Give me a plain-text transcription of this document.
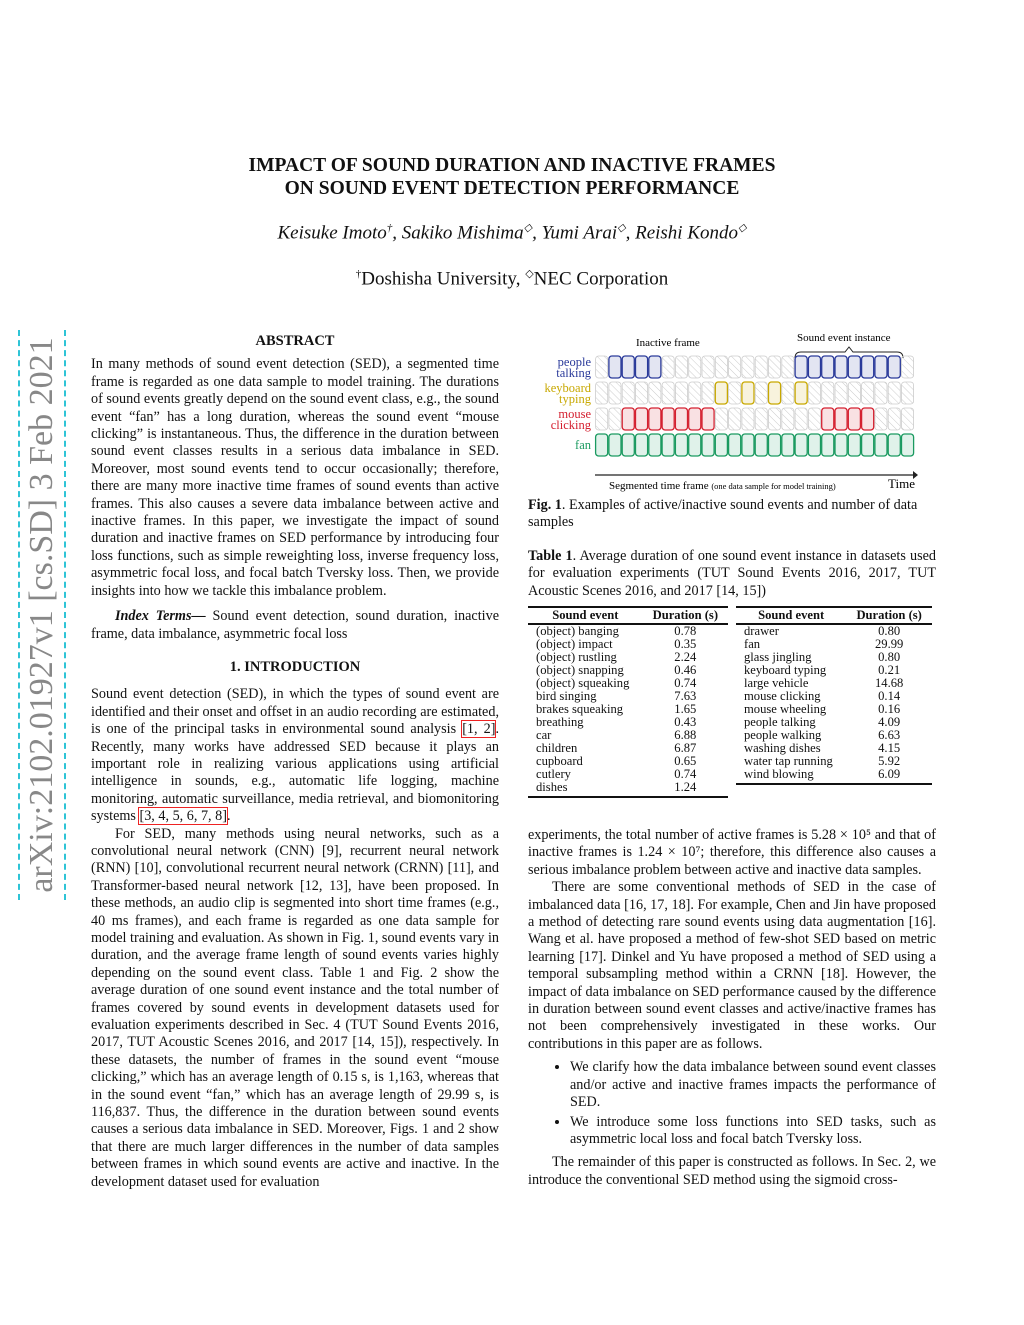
IMPACT OF SOUND DURATION AND INACTIVE FRAMES
ON SOUND EVENT DETECTION PERFORMANCE
Keisuke Imoto†, Sakiko Mishima◇, Yumi Arai◇, Reishi Kondo◇
†Doshisha University, ◇NEC Corporation
arXiv:2102.01927v1 [cs.SD] 3 Feb 2021	ABSTRACT

In many methods of sound event detection (SED), a segmented time frame is regarded as one data sample to model training. The durations of sound events greatly depend on the sound event class, e.g., the sound event “fan” has a long duration, whereas the sound event “mouse clicking” is instantaneous. Thus, the difference in the duration between sound event classes results in a serious data imbalance in SED. Moreover, most sound events tend to occur occasionally; therefore, there are many more inactive time frames of sound events than active frames. This also causes a severe data imbalance between active and inactive frames. In this paper, we investigate the impact of sound duration and inactive frames on SED performance by introducing four loss functions, such as simple reweighting loss, inverse frequency loss, asymmetric focal loss, and focal batch Tversky loss. Then, we provide insights into how we tackle this imbalance problem.

Index Terms— Sound event detection, sound duration, inactive frame, data imbalance, asymmetric focal loss

1. INTRODUCTION

Sound event detection (SED), in which the types of sound event are identified and their onset and offset in an audio recording are estimated, is one of the principal tasks in environmental sound analysis [1, 2]. Recently, many works have addressed SED because it plays an important role in realizing various applications using artificial intelligence in sounds, e.g., automatic life logging, machine monitoring, automatic surveillance, media retrieval, and biomonitoring systems [3, 4, 5, 6, 7, 8].

For SED, many methods using neural networks, such as a convolutional neural network (CNN) [9], recurrent neural network (RNN) [10], convolutional recurrent neural network (CRNN) [11], and Transformer-based neural network [12, 13], have been proposed. In these methods, an audio clip is segmented into short time frames (e.g., 40 ms frames), and each frame is regarded as one data sample for model training and evaluation. As shown in Fig. 1, sound events vary in duration, and the average frame length of sound events varies highly depending on the sound event class. Table 1 and Fig. 2 show the average duration of one sound event instance and the total number of frames covered by sound events in development datasets used for evaluation experiments described in Sec. 4 (TUT Sound Events 2016, 2017, TUT Acoustic Scenes 2016, and 2017 [14, 15]), respectively. In these datasets, the number of frames in the sound event “mouse clicking,” which has an average length of 0.15 s, is 1,163, whereas that in the sound event “fan,” which has an average length of 29.99 s, is 116,837. Thus, the difference in the duration between sound events causes a serious data imbalance in SED. Moreover, Figs. 1 and 2 show that there are much larger differences in the number of data samples between frames in which sound events are active and inactive. In the development dataset used for evaluation

Inactive frame	Sound event instance
people
talking
keyboard
typing
mouse
clicking
fan
Segmented time frame (one data sample for model training)	Time
Fig. 1. Examples of active/inactive sound events and number of data samples
Table 1. Average duration of one sound event instance in datasets used for evaluation experiments (TUT Sound Events 2016, 2017, TUT Acoustic Scenes 2016, and 2017 [14, 15])
Sound event	Duration (s)
(object) banging	0.78
(object) impact	0.35
(object) rustling	2.24
(object) snapping	0.46
(object) squeaking	0.74
bird singing	7.63
brakes squeaking	1.65
breathing	0.43
car	6.88
children	6.87
cupboard	0.65
cutlery	0.74
dishes	1.24
Sound event	Duration (s)
drawer	0.80
fan	29.99
glass jingling	0.80
keyboard typing	0.21
large vehicle	14.68
mouse clicking	0.14
mouse wheeling	0.16
people talking	4.09
people walking	6.63
washing dishes	4.15
water tap running	5.92
wind blowing	6.09

experiments, the total number of active frames is 5.28 × 10⁵ and that of inactive frames is 1.24 × 10⁷; therefore, this difference also causes a serious imbalance problem between active and inactive data samples.

There are some conventional methods of SED in the case of imbalanced data [16, 17, 18]. For example, Chen and Jin have proposed a method of detecting rare sound events using data augmentation [16]. Wang et al. have proposed a method of few-shot SED based on metric learning [17]. Dinkel and Yu have proposed a method of SED using a temporal subsampling method within a CRNN [18]. However, the impact of data imbalance on SED performance caused by the difference in duration between sound event classes and active/inactive frames has not been comprehensively investigated in these works. Our contributions in this paper are as follows.

• We clarify how the data imbalance between sound event classes and/or active and inactive frames impacts the performance of SED.
• We introduce some loss functions into SED tasks, such as asymmetric local loss and focal batch Tversky loss.

The remainder of this paper is constructed as follows. In Sec. 2, we introduce the conventional SED method using the sigmoid cross-
